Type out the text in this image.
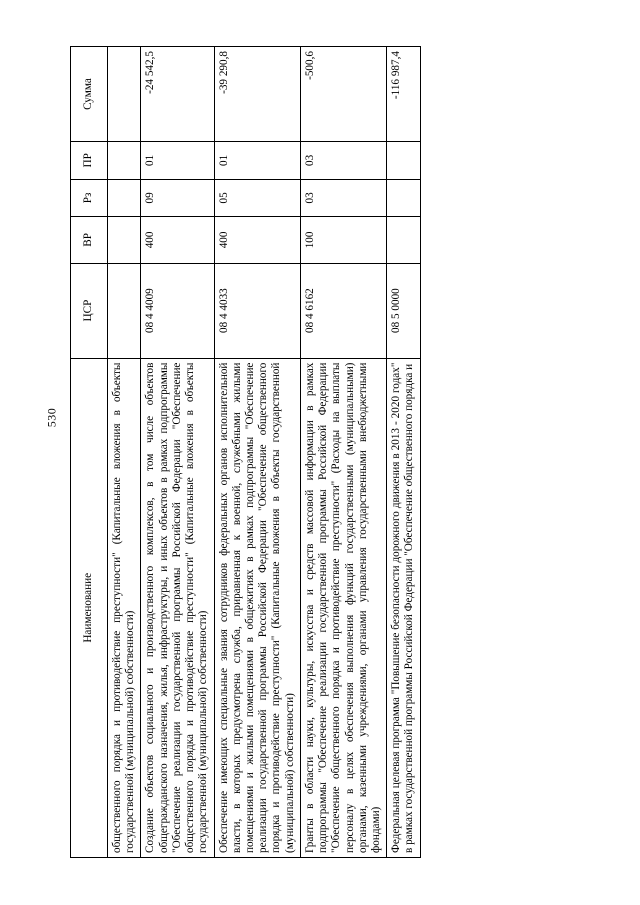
530
Наименование	ЦСР	ВР	Рз	ПР	Сумма
общественного порядка и противодействие преступности" (Капитальные вложения в объекты государственной (муниципальной) собственности)					
Создание объектов социального и производственного комплексов, в том числе объектов общегражданского назначения, жилья, инфраструктуры, и иных объектов в рамках подпрограммы "Обеспечение реализации государственной программы Российской Федерации "Обеспечение общественного порядка и противодействие преступности" (Капитальные вложения в объекты государственной (муниципальной) собственности)	08 4 4009	400	09	01	-24 542,5
Обеспечение имеющих специальные звания сотрудников федеральных органов исполнительной власти, в которых предусмотрена служба, приравненная к военной, служебными жилыми помещениями и жилыми помещениями в общежитиях в рамках подпрограммы "Обеспечение реализации государственной программы Российской Федерации "Обеспечение общественного порядка и противодействие преступности" (Капитальные вложения в объекты государственной (муниципальной) собственности)	08 4 4033	400	05	01	-39 290,8
Гранты в области науки, культуры, искусства и средств массовой информации в рамках подпрограммы "Обеспечение реализации государственной программы Российской Федерации "Обеспечение общественного порядка и противодействие преступности" (Расходы на выплаты персоналу в целях обеспечения выполнения функций государственными (муниципальными) органами, казенными учреждениями, органами управления государственными внебюджетными фондами)	08 4 6162	100	03	03	-500,6
Федеральная целевая программа "Повышение безопасности дорожного движения в 2013 - 2020 годах" в рамках государственной программы Российской Федерации "Обеспечение общественного порядка и	08 5 0000				-116 987,4
